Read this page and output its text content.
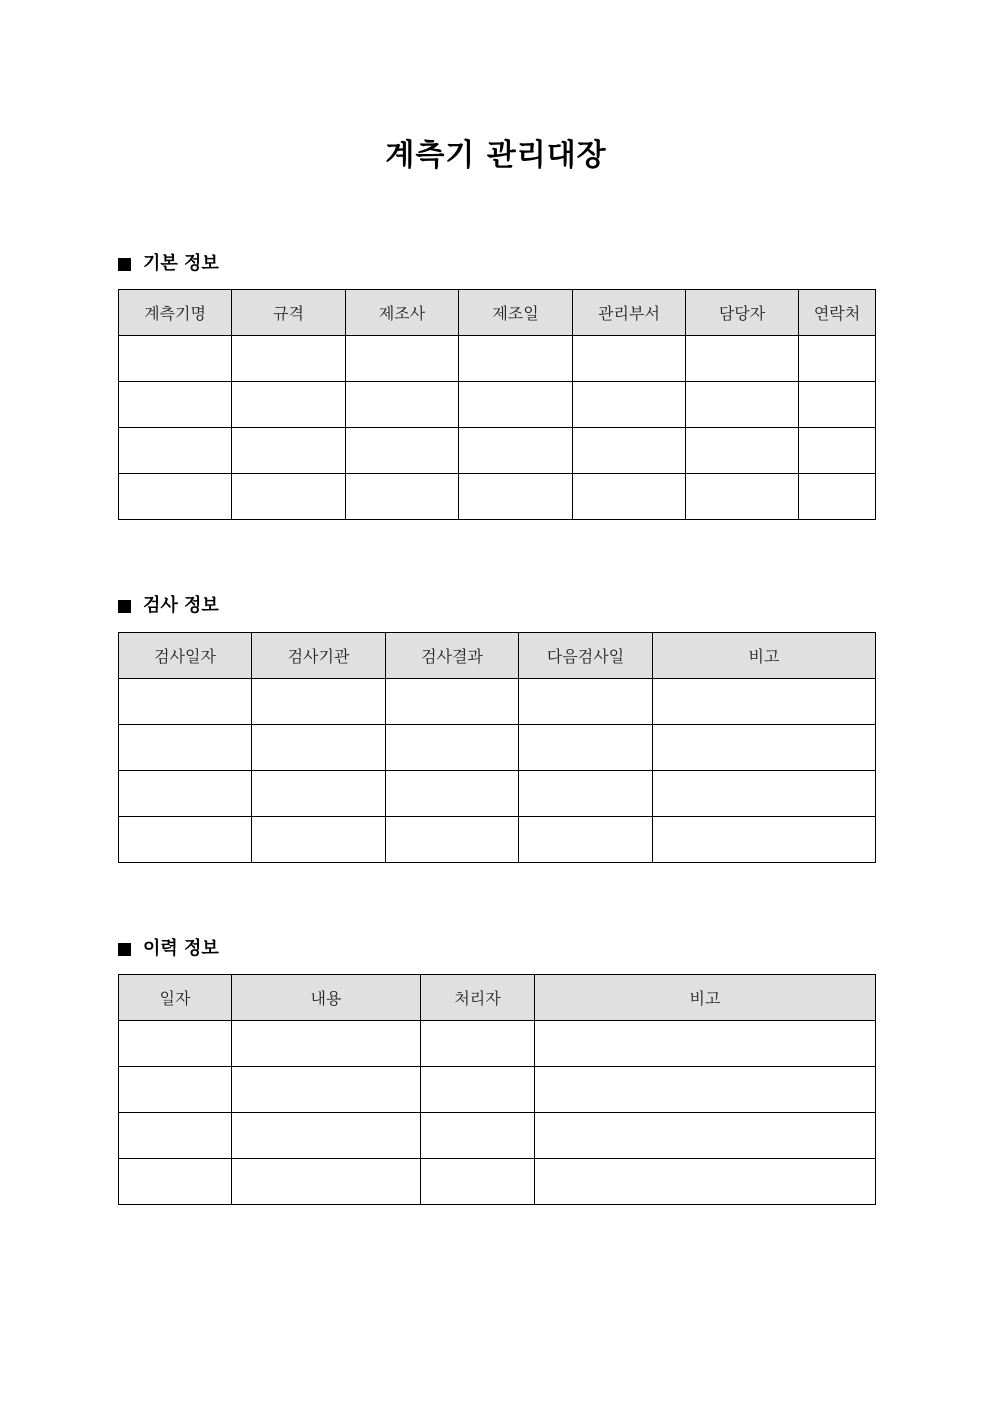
계측기 관리대장
기본 정보
계측기명	규격	제조사	제조일	관리부서	담당자	연락처

검사 정보
검사일자	검사기관	검사결과	다음검사일	비고

이력 정보
일자	내용	처리자	비고
